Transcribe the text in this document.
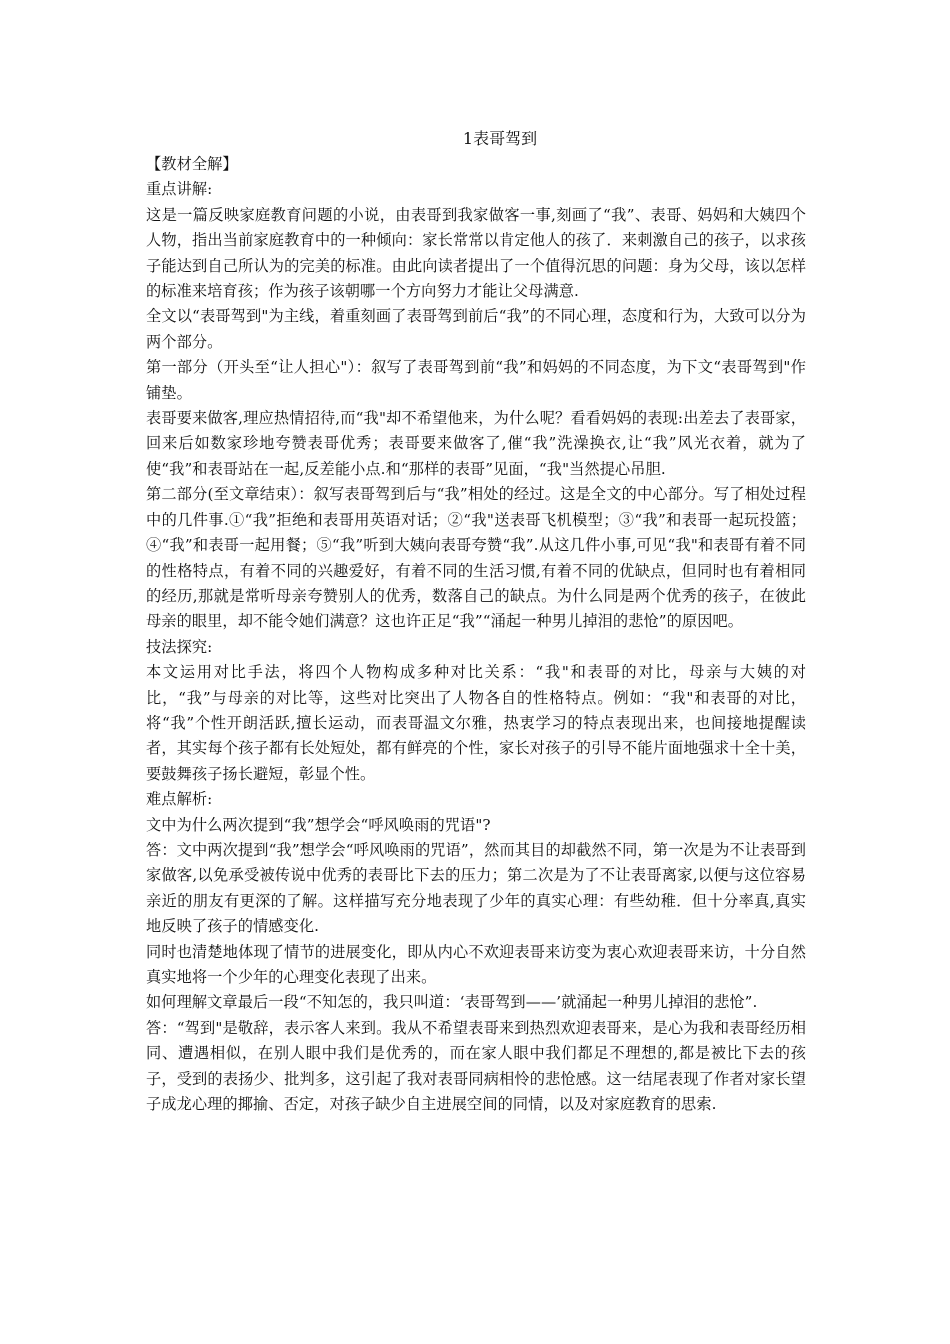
1表哥驾到

【教材全解】

重点讲解:

这是一篇反映家庭教育问题的小说，由表哥到我家做客一事,刻画了“我”、表哥、妈妈和大姨四个人物，指出当前家庭教育中的一种倾向：家长常常以肯定他人的孩了．来刺激自己的孩子，以求孩子能达到自己所认为的完美的标准。由此向读者提出了一个值得沉思的问题：身为父母，该以怎样的标准来培育孩；作为孩子该朝哪一个方向努力才能让父母满意.

全文以“表哥驾到"为主线，着重刻画了表哥驾到前后“我”的不同心理，态度和行为，大致可以分为两个部分。

第一部分（开头至“让人担心"）：叙写了表哥驾到前“我”和妈妈的不同态度，为下文“表哥驾到"作铺垫。

表哥要来做客,理应热情招待,而“我"却不希望他来，为什么呢？看看妈妈的表现:出差去了表哥家，回来后如数家珍地夸赞表哥优秀；表哥要来做客了,催“我”洗澡换衣,让“我”风光衣着，就为了使“我”和表哥站在一起,反差能小点.和“那样的表哥”见面，“我"当然提心吊胆.

第二部分(至文章结束）：叙写表哥驾到后与“我”相处的经过。这是全文的中心部分。写了相处过程中的几件事.①“我”拒绝和表哥用英语对话；②“我"送表哥飞机模型；③“我”和表哥一起玩投篮；④“我”和表哥一起用餐；⑤“我”听到大姨向表哥夸赞“我”.从这几件小事,可见“我"和表哥有着不同的性格特点，有着不同的兴趣爱好，有着不同的生活习惯,有着不同的优缺点，但同时也有着相同的经历,那就是常听母亲夸赞别人的优秀，数落自己的缺点。为什么同是两个优秀的孩子，在彼此母亲的眼里，却不能令她们满意？这也许正足“我”“涌起一种男儿掉泪的悲怆”的原因吧。

技法探究:

本文运用对比手法，将四个人物构成多种对比关系：“我"和表哥的对比，母亲与大姨的对比，“我”与母亲的对比等，这些对比突出了人物各自的性格特点。例如：“我"和表哥的对比，将“我”个性开朗活跃,擅长运动，而表哥温文尔雅，热衷学习的特点表现出来，也间接地提醒读者，其实每个孩子都有长处短处，都有鲜亮的个性，家长对孩子的引导不能片面地强求十全十美，要鼓舞孩子扬长避短，彰显个性。

难点解析:

文中为什么两次提到“我”想学会“呼风唤雨的咒语"?

答：文中两次提到“我”想学会“呼风唤雨的咒语”，然而其目的却截然不同，第一次是为不让表哥到家做客,以免承受被传说中优秀的表哥比下去的压力；第二次是为了不让表哥离家,以便与这位容易亲近的朋友有更深的了解。这样描写充分地表现了少年的真实心理：有些幼稚．但十分率真,真实地反映了孩子的情感变化.

同时也清楚地体现了情节的进展变化，即从内心不欢迎表哥来访变为衷心欢迎表哥来访，十分自然真实地将一个少年的心理变化表现了出来。

如何理解文章最后一段“不知怎的，我只叫道：‘表哥驾到——’就涌起一种男儿掉泪的悲怆”.

答：“驾到"是敬辞，表示客人来到。我从不希望表哥来到热烈欢迎表哥来，是心为我和表哥经历相同、遭遇相似，在别人眼中我们是优秀的，而在家人眼中我们都足不理想的,都是被比下去的孩子，受到的表扬少、批判多，这引起了我对表哥同病相怜的悲怆感。这一结尾表现了作者对家长望子成龙心理的揶揄、否定，对孩子缺少自主进展空间的同情，以及对家庭教育的思索.
